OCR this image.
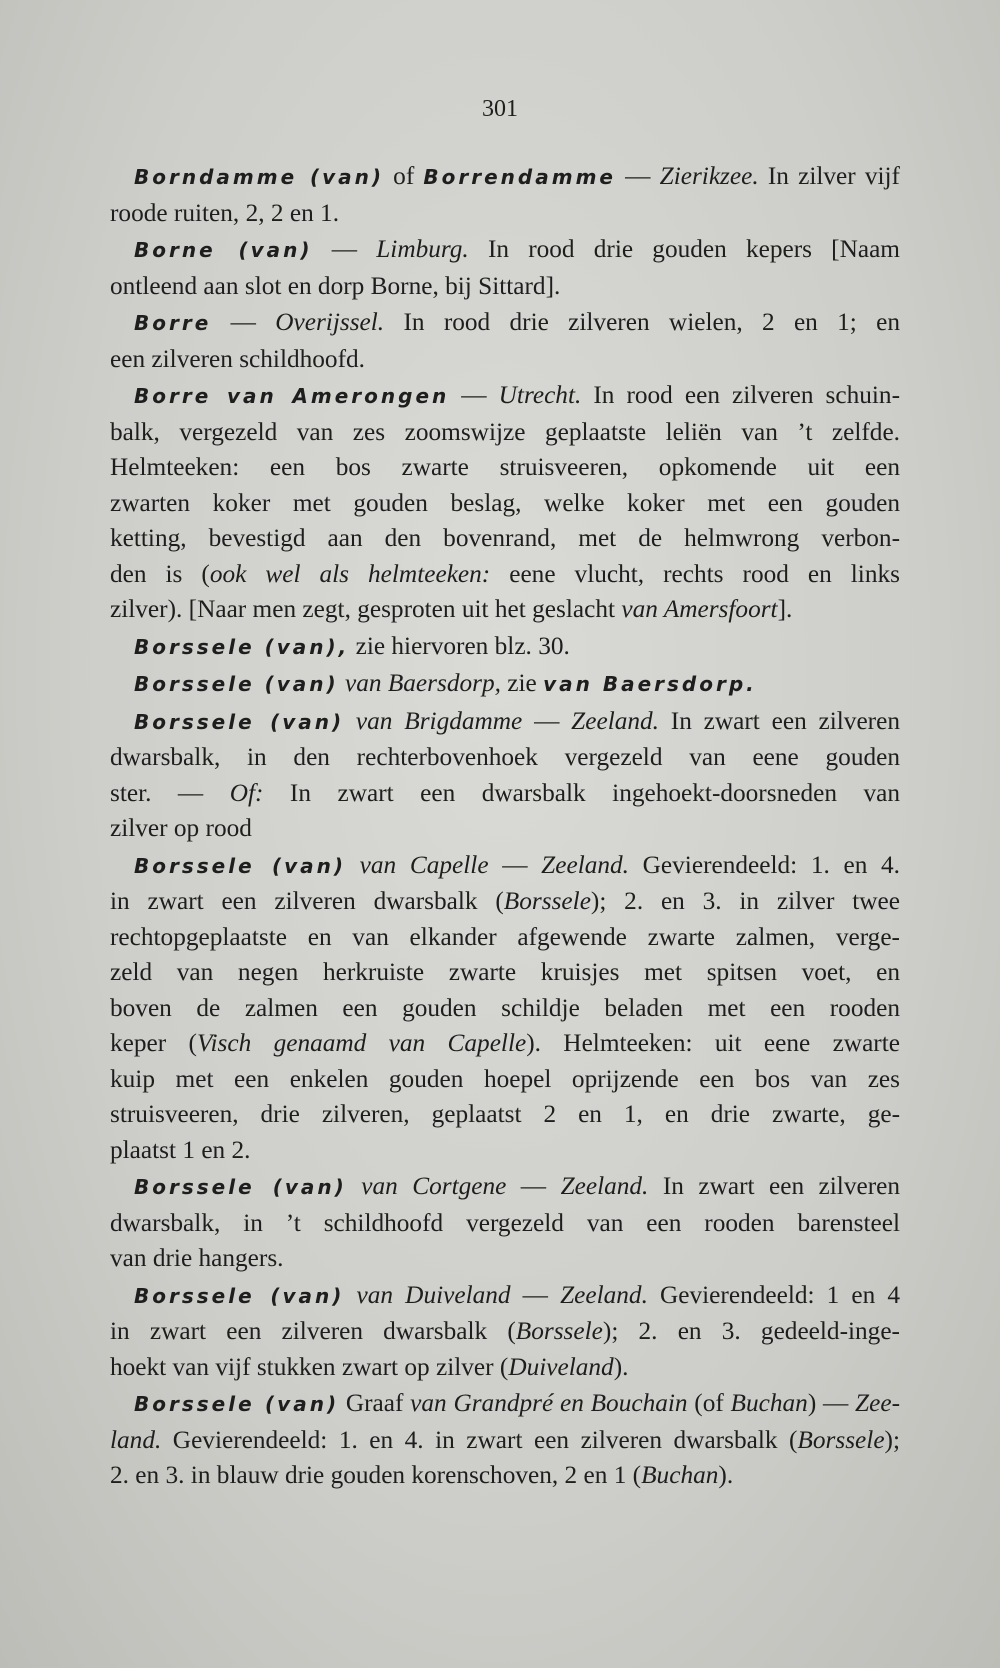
301

Borndamme (van) of Borrendamme — Zierikzee. In zilver vijf
roode ruiten, 2, 2 en 1.

Borne (van) — Limburg. In rood drie gouden kepers [Naam
ontleend aan slot en dorp Borne, bij Sittard].

Borre — Overijssel. In rood drie zilveren wielen, 2 en 1; en
een zilveren schildhoofd.

Borre van Amerongen — Utrecht. In rood een zilveren schuin-
balk, vergezeld van zes zoomswijze geplaatste leliën van ’t zelfde.
Helmteeken: een bos zwarte struisveeren, opkomende uit een
zwarten koker met gouden beslag, welke koker met een gouden
ketting, bevestigd aan den bovenrand, met de helmwrong verbon-
den is (ook wel als helmteeken: eene vlucht, rechts rood en links
zilver). [Naar men zegt, gesproten uit het geslacht van Amersfoort].

Borssele (van), zie hiervoren blz. 30.

Borssele (van) van Baersdorp, zie van Baersdorp.

Borssele (van) van Brigdamme — Zeeland. In zwart een zilveren
dwarsbalk, in den rechterbovenhoek vergezeld van eene gouden
ster. — Of: In zwart een dwarsbalk ingehoekt-doorsneden van
zilver op rood

Borssele (van) van Capelle — Zeeland. Gevierendeeld: 1. en 4.
in zwart een zilveren dwarsbalk (Borssele); 2. en 3. in zilver twee
rechtopgeplaatste en van elkander afgewende zwarte zalmen, verge-
zeld van negen herkruiste zwarte kruisjes met spitsen voet, en
boven de zalmen een gouden schildje beladen met een rooden
keper (Visch genaamd van Capelle). Helmteeken: uit eene zwarte
kuip met een enkelen gouden hoepel oprijzende een bos van zes
struisveeren, drie zilveren, geplaatst 2 en 1, en drie zwarte, ge-
plaatst 1 en 2.

Borssele (van) van Cortgene — Zeeland. In zwart een zilveren
dwarsbalk, in ’t schildhoofd vergezeld van een rooden barensteel
van drie hangers.

Borssele (van) van Duiveland — Zeeland. Gevierendeeld: 1 en 4
in zwart een zilveren dwarsbalk (Borssele); 2. en 3. gedeeld-inge-
hoekt van vijf stukken zwart op zilver (Duiveland).

Borssele (van) Graaf van Grandpré en Bouchain (of Buchan) — Zee-
land. Gevierendeeld: 1. en 4. in zwart een zilveren dwarsbalk (Borssele);
2. en 3. in blauw drie gouden korenschoven, 2 en 1 (Buchan).
